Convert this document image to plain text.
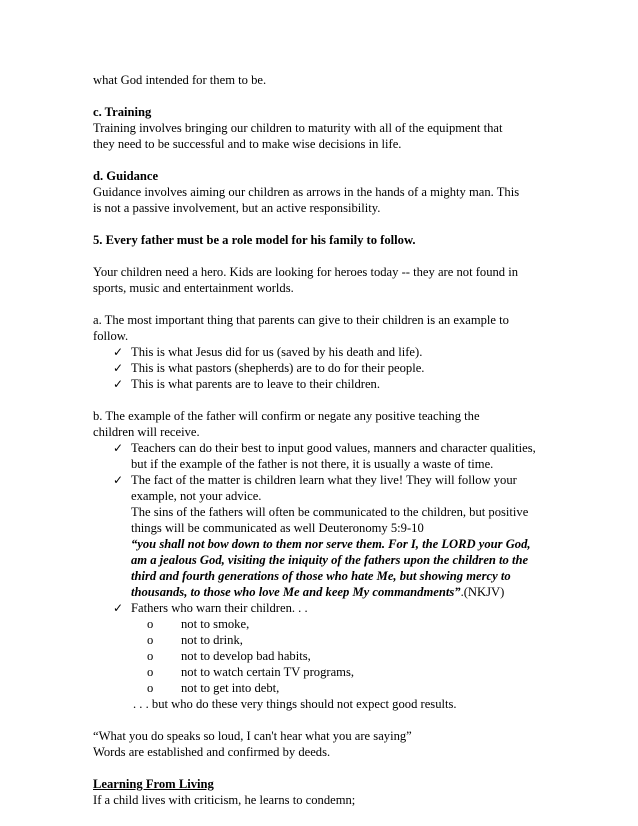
what God intended for them to be.

c. Training

Training involves bringing our children to maturity with all of the equipment that

they need to be successful and to make wise decisions in life.

d. Guidance

Guidance involves aiming our children as arrows in the hands of a mighty man. This

is not a passive involvement, but an active responsibility.

5. Every father must be a role model for his family to follow.

Your children need a hero. Kids are looking for heroes today -- they are not found in

sports, music and entertainment worlds.

a. The most important thing that parents can give to their children is an example to

follow.

✓ This is what Jesus did for us (saved by his death and life).

✓ This is what pastors (shepherds) are to do for their people.

✓ This is what parents are to leave to their children.

b. The example of the father will confirm or negate any positive teaching the

children will receive.

✓ Teachers can do their best to input good values, manners and character qualities,

but if the example of the father is not there, it is usually a waste of time.

✓ The fact of the matter is children learn what they live! They will follow your

example, not your advice.

The sins of the fathers will often be communicated to the children, but positive

things will be communicated as well Deuteronomy 5:9-10

“you shall not bow down to them nor serve them. For I, the LORD your God,

am a jealous God, visiting the iniquity of the fathers upon the children to the

third and fourth generations of those who hate Me, but showing mercy to

thousands, to those who love Me and keep My commandments”.(NKJV)

✓ Fathers who warn their children. . .

o not to smoke,

o not to drink,

o not to develop bad habits,

o not to watch certain TV programs,

o not to get into debt,

. . . but who do these very things should not expect good results.

“What you do speaks so loud, I can't hear what you are saying”

Words are established and confirmed by deeds.

Learning From Living

If a child lives with criticism, he learns to condemn;
